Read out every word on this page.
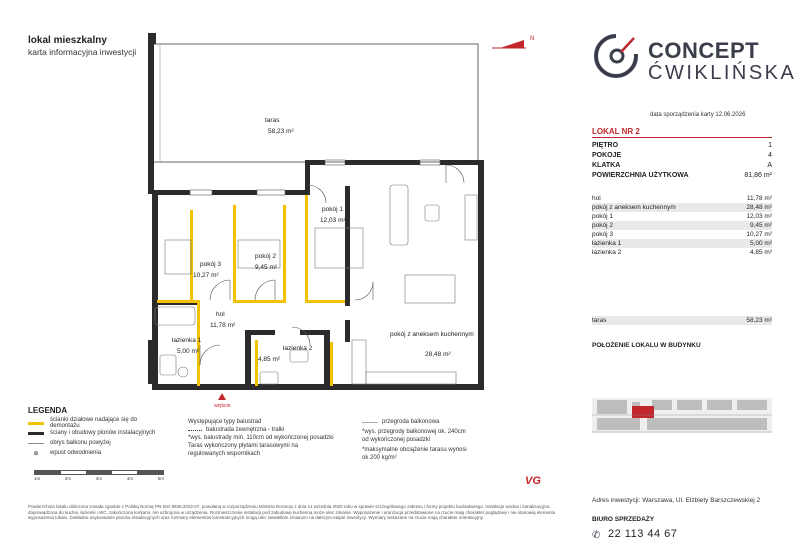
lokal mieszkalny
karta informacyjna inwestycji
taras
58,23 m²
pokój 1
12,03 m²
pokój 2
9,45 m²
pokój 3
10,27 m²
hol
11,78 m²
łazienka 1
5,00 m²	łazienka 2
4,85 m²
pokój z aneksem kuchennym
28,48 m²
wejście
N	CONCEPT
ĆWIKLIŃSKA
data sporządzenia karty 12.06.2026
LOKAL NR 2
PIĘTRO	1
POKOJE	4
KLATKA	A
POWIERZCHNIA UŻYTKOWA	81,86 m²
hol	11,78 m²
pokój z aneksem kuchennym	28,48 m²
pokój 1	12,03 m²
pokój 2	9,45 m²
pokój 3	10,27 m²
łazienka 1	5,00 m²
łazienka 2	4,85 m²
taras	58,23 m²
POŁOŻENIE LOKALU W BUDYNKU
LEGENDA
ścianki działowe nadające się do demontażu
ściany i obudowy pionów instalacyjnych
obrys balkonu powyżej
⊕	wpust odwodnienia
1m	2m	3m	4m	5m
Występujące typy balustrad
balustrada zewnętrzna - tralki
*wys. balustrady min. 110cm od wykończonej posadzki
Taras wykończony płytami tarasowymi na regulowanych wspornikach
przegroda balkonowa
*wys. przegrody balkonowej ok. 240cm od wykończonej posadzki
*maksymalne obciążenie tarasu wynosi ok 200 kg/m²
VG
Powierzchnia lokalu obliczona została zgodnie z Polską Normą PN-ISO 9836:2022-07, powołaną w rozporządzeniu Ministra Rozwoju z dnia 11 września 2020 roku w sprawie szczegółowego zakresu i formy projektu budowlanego. Instalacje wodna i kanalizacyjna doprowadzona do kuchni, łazienki i WC, zakończona korkami, nie uzbrojona w urządzenia. Rozmieszczenie instalacji pod zabudowę kuchenną może ulec zmianie. Wyposażenie i aranżacja przedstawione na rzucie mają charakter poglądowy i nie stanowią elementu wyposażenia lokalu. Dokładne usytuowanie pionów instalacyjnych oraz rozmiary elementów konstrukcyjnych mogą ulec niewielkim zmianom na dalszym etapie inwestycji. Wymiary wskazane na rzucie mają charakter orientacyjny.
Adres inwestycji: Warszawa, Ul. Elżbiety Barszczewskiej 2
BIURO SPRZEDAŻY
✆ 22 113 44 67
